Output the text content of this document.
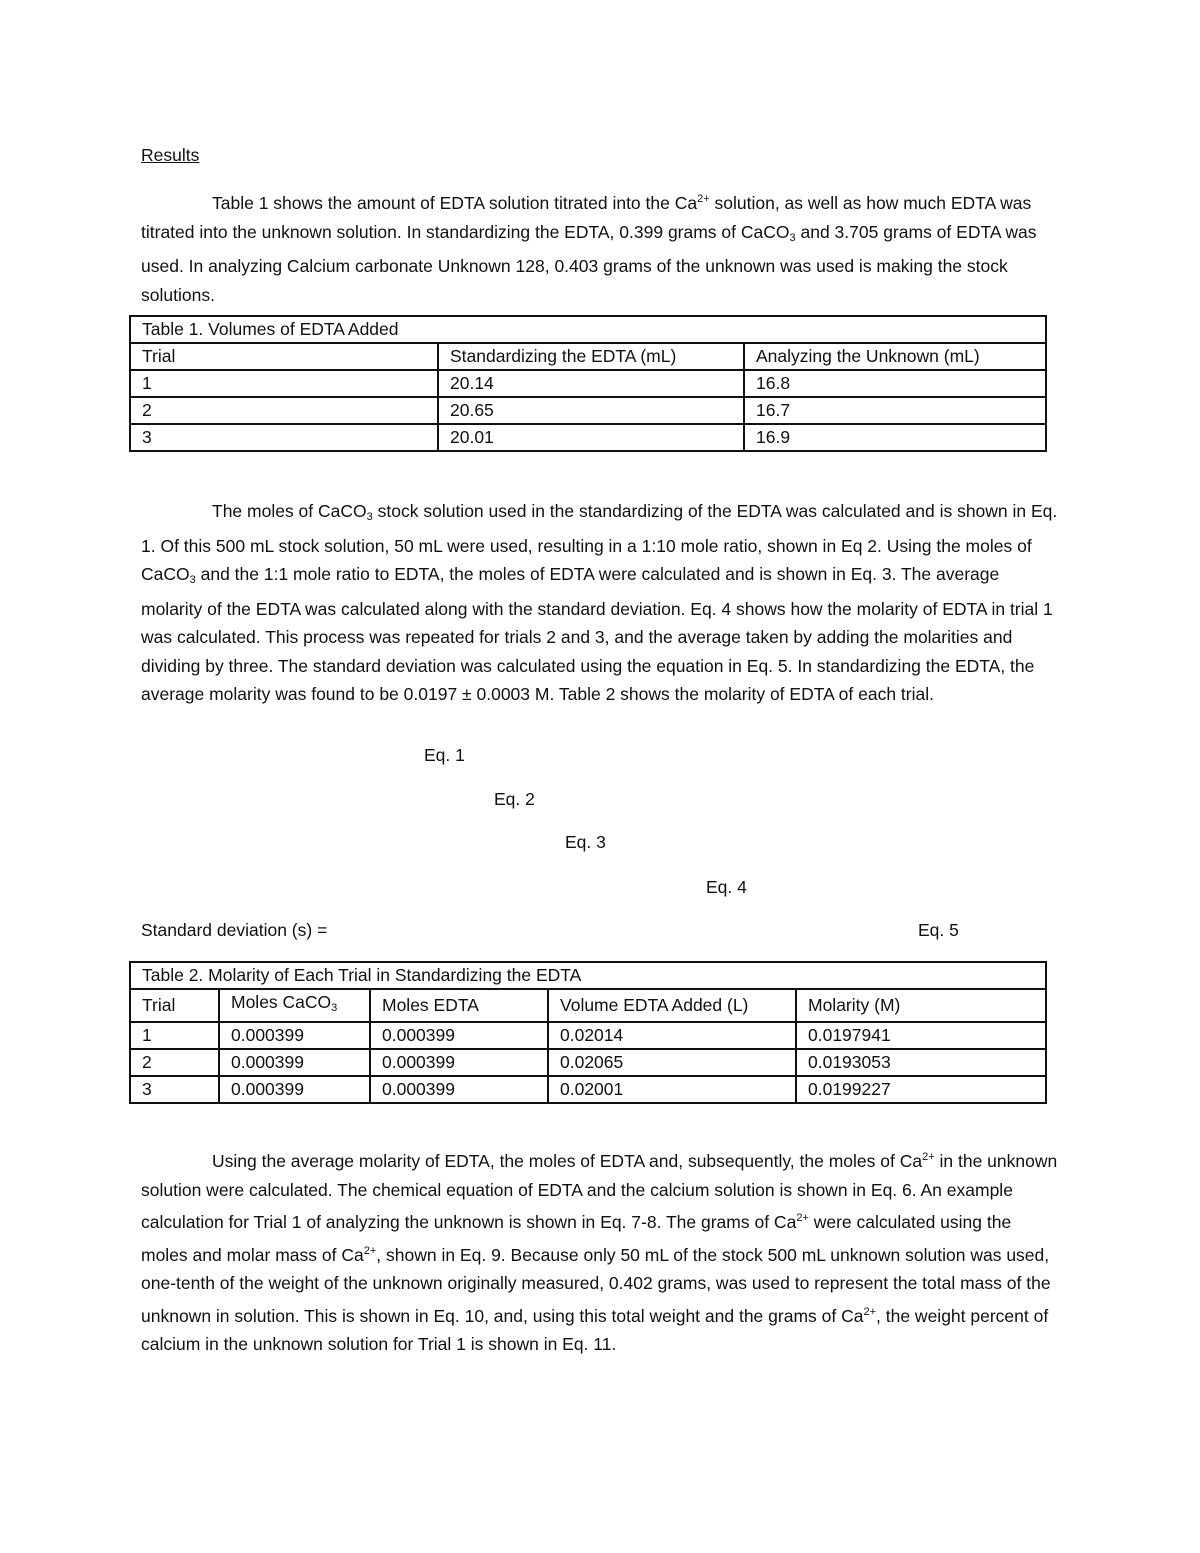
Results

Table 1 shows the amount of EDTA solution titrated into the $Ca^{2+}$ solution, as well as how much EDTA was titrated into the unknown solution. In standardizing the EDTA, 0.399 grams of CaCO$_3$ and 3.705 grams of EDTA was used. In analyzing Calcium carbonate Unknown 128, 0.403 grams of the unknown was used is making the stock solutions.

Table 1. Volumes of EDTA Added		
Trial	Standardizing the EDTA (mL)	Analyzing the Unknown (mL)
1	20.14	16.8
2	20.65	16.7
3	20.01	16.9

The moles of CaCO$_3$ stock solution used in the standardizing of the EDTA was calculated and is shown in Eq. 1. Of this 500 mL stock solution, 50 mL were used, resulting in a 1:10 mole ratio, shown in Eq 2. Using the moles of CaCO$_3$ and the 1:1 mole ratio to EDTA, the moles of EDTA were calculated and is shown in Eq. 3. The average molarity of the EDTA was calculated along with the standard deviation. Eq. 4 shows how the molarity of EDTA in trial 1 was calculated. This process was repeated for trials 2 and 3, and the average taken by adding the molarities and dividing by three. The standard deviation was calculated using the equation in Eq. 5. In standardizing the EDTA, the average molarity was found to be 0.0197 ± 0.0003 M. Table 2 shows the molarity of EDTA of each trial.

Eq. 1
Eq. 2
Eq. 3
Eq. 4
Standard deviation (s) =	Eq. 5
Table 2. Molarity of Each Trial in Standardizing the EDTA				
Trial	Moles CaCO$_3$	Moles EDTA	Volume EDTA Added (L)	Molarity (M)
1	0.000399	0.000399	0.02014	0.0197941
2	0.000399	0.000399	0.02065	0.0193053
3	0.000399	0.000399	0.02001	0.0199227

Using the average molarity of EDTA, the moles of EDTA and, subsequently, the moles of $Ca^{2+}$ in the unknown solution were calculated. The chemical equation of EDTA and the calcium solution is shown in Eq. 6. An example calculation for Trial 1 of analyzing the unknown is shown in Eq. 7-8. The grams of $Ca^{2+}$ were calculated using the moles and molar mass of $Ca^{2+}$, shown in Eq. 9. Because only 50 mL of the stock 500 mL unknown solution was used, one-tenth of the weight of the unknown originally measured, 0.402 grams, was used to represent the total mass of the unknown in solution. This is shown in Eq. 10, and, using this total weight and the grams of $Ca^{2+}$, the weight percent of calcium in the unknown solution for Trial 1 is shown in Eq. 11.
